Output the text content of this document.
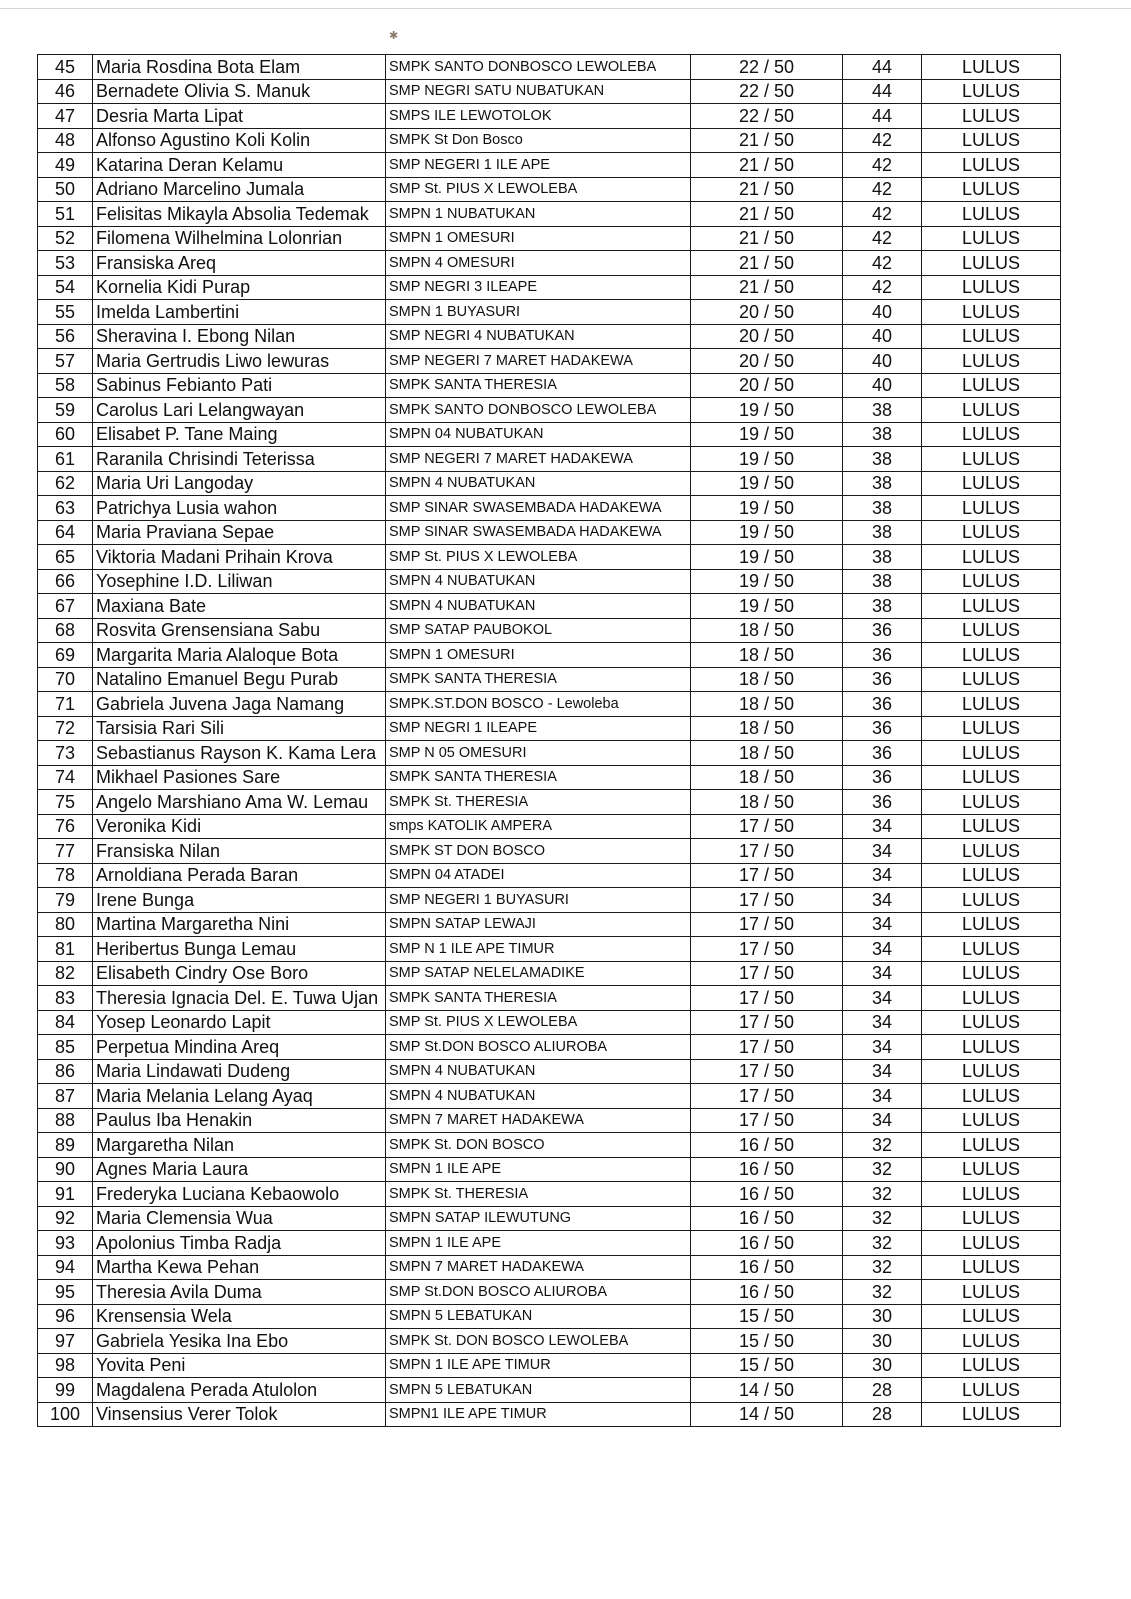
✱
45	Maria Rosdina Bota Elam	SMPK SANTO DONBOSCO LEWOLEBA	22 / 50	44	LULUS
46	Bernadete Olivia S. Manuk	SMP NEGRI SATU NUBATUKAN	22 / 50	44	LULUS
47	Desria Marta Lipat	SMPS ILE LEWOTOLOK	22 / 50	44	LULUS
48	Alfonso Agustino Koli Kolin	SMPK St Don Bosco	21 / 50	42	LULUS
49	Katarina Deran Kelamu	SMP NEGERI 1 ILE APE	21 / 50	42	LULUS
50	Adriano Marcelino Jumala	SMP St. PIUS X LEWOLEBA	21 / 50	42	LULUS
51	Felisitas Mikayla Absolia Tedemak	SMPN 1 NUBATUKAN	21 / 50	42	LULUS
52	Filomena Wilhelmina Lolonrian	SMPN 1 OMESURI	21 / 50	42	LULUS
53	Fransiska Areq	SMPN 4 OMESURI	21 / 50	42	LULUS
54	Kornelia Kidi Purap	SMP NEGRI 3 ILEAPE	21 / 50	42	LULUS
55	Imelda Lambertini	SMPN 1 BUYASURI	20 / 50	40	LULUS
56	Sheravina I. Ebong Nilan	SMP NEGRI 4 NUBATUKAN	20 / 50	40	LULUS
57	Maria Gertrudis Liwo lewuras	SMP NEGERI 7 MARET HADAKEWA	20 / 50	40	LULUS
58	Sabinus Febianto Pati	SMPK SANTA THERESIA	20 / 50	40	LULUS
59	Carolus Lari Lelangwayan	SMPK SANTO DONBOSCO LEWOLEBA	19 / 50	38	LULUS
60	Elisabet P. Tane Maing	SMPN 04 NUBATUKAN	19 / 50	38	LULUS
61	Raranila Chrisindi Teterissa	SMP NEGERI 7 MARET HADAKEWA	19 / 50	38	LULUS
62	Maria Uri Langoday	SMPN 4 NUBATUKAN	19 / 50	38	LULUS
63	Patrichya Lusia wahon	SMP SINAR SWASEMBADA HADAKEWA	19 / 50	38	LULUS
64	Maria Praviana Sepae	SMP SINAR SWASEMBADA HADAKEWA	19 / 50	38	LULUS
65	Viktoria Madani Prihain Krova	SMP St. PIUS X LEWOLEBA	19 / 50	38	LULUS
66	Yosephine I.D. Liliwan	SMPN 4 NUBATUKAN	19 / 50	38	LULUS
67	Maxiana Bate	SMPN 4 NUBATUKAN	19 / 50	38	LULUS
68	Rosvita Grensensiana Sabu	SMP SATAP PAUBOKOL	18 / 50	36	LULUS
69	Margarita Maria Alaloque Bota	SMPN 1 OMESURI	18 / 50	36	LULUS
70	Natalino Emanuel Begu Purab	SMPK SANTA THERESIA	18 / 50	36	LULUS
71	Gabriela Juvena Jaga Namang	SMPK.ST.DON BOSCO - Lewoleba	18 / 50	36	LULUS
72	Tarsisia Rari Sili	SMP NEGRI 1 ILEAPE	18 / 50	36	LULUS
73	Sebastianus Rayson K. Kama Lera	SMP N 05 OMESURI	18 / 50	36	LULUS
74	Mikhael Pasiones Sare	SMPK SANTA THERESIA	18 / 50	36	LULUS
75	Angelo Marshiano Ama W. Lemau	SMPK St. THERESIA	18 / 50	36	LULUS
76	Veronika Kidi	smps KATOLIK AMPERA	17 / 50	34	LULUS
77	Fransiska Nilan	SMPK ST DON BOSCO	17 / 50	34	LULUS
78	Arnoldiana Perada Baran	SMPN 04 ATADEI	17 / 50	34	LULUS
79	Irene Bunga	SMP NEGERI 1 BUYASURI	17 / 50	34	LULUS
80	Martina Margaretha Nini	SMPN SATAP LEWAJI	17 / 50	34	LULUS
81	Heribertus Bunga Lemau	SMP N 1 ILE APE TIMUR	17 / 50	34	LULUS
82	Elisabeth Cindry Ose Boro	SMP SATAP NELELAMADIKE	17 / 50	34	LULUS
83	Theresia Ignacia Del. E. Tuwa Ujan	SMPK SANTA THERESIA	17 / 50	34	LULUS
84	Yosep Leonardo Lapit	SMP St. PIUS X LEWOLEBA	17 / 50	34	LULUS
85	Perpetua Mindina Areq	SMP St.DON BOSCO ALIUROBA	17 / 50	34	LULUS
86	Maria Lindawati Dudeng	SMPN 4 NUBATUKAN	17 / 50	34	LULUS
87	Maria Melania Lelang Ayaq	SMPN 4 NUBATUKAN	17 / 50	34	LULUS
88	Paulus Iba Henakin	SMPN 7 MARET HADAKEWA	17 / 50	34	LULUS
89	Margaretha Nilan	SMPK St. DON BOSCO	16 / 50	32	LULUS
90	Agnes Maria Laura	SMPN 1 ILE APE	16 / 50	32	LULUS
91	Frederyka Luciana Kebaowolo	SMPK St. THERESIA	16 / 50	32	LULUS
92	Maria Clemensia Wua	SMPN SATAP ILEWUTUNG	16 / 50	32	LULUS
93	Apolonius Timba Radja	SMPN 1 ILE APE	16 / 50	32	LULUS
94	Martha Kewa Pehan	SMPN 7 MARET HADAKEWA	16 / 50	32	LULUS
95	Theresia Avila Duma	SMP St.DON BOSCO ALIUROBA	16 / 50	32	LULUS
96	Krensensia Wela	SMPN 5 LEBATUKAN	15 / 50	30	LULUS
97	Gabriela Yesika Ina Ebo	SMPK St. DON BOSCO LEWOLEBA	15 / 50	30	LULUS
98	Yovita Peni	SMPN 1 ILE APE TIMUR	15 / 50	30	LULUS
99	Magdalena Perada Atulolon	SMPN 5 LEBATUKAN	14 / 50	28	LULUS
100	Vinsensius Verer Tolok	SMPN1 ILE APE TIMUR	14 / 50	28	LULUS
